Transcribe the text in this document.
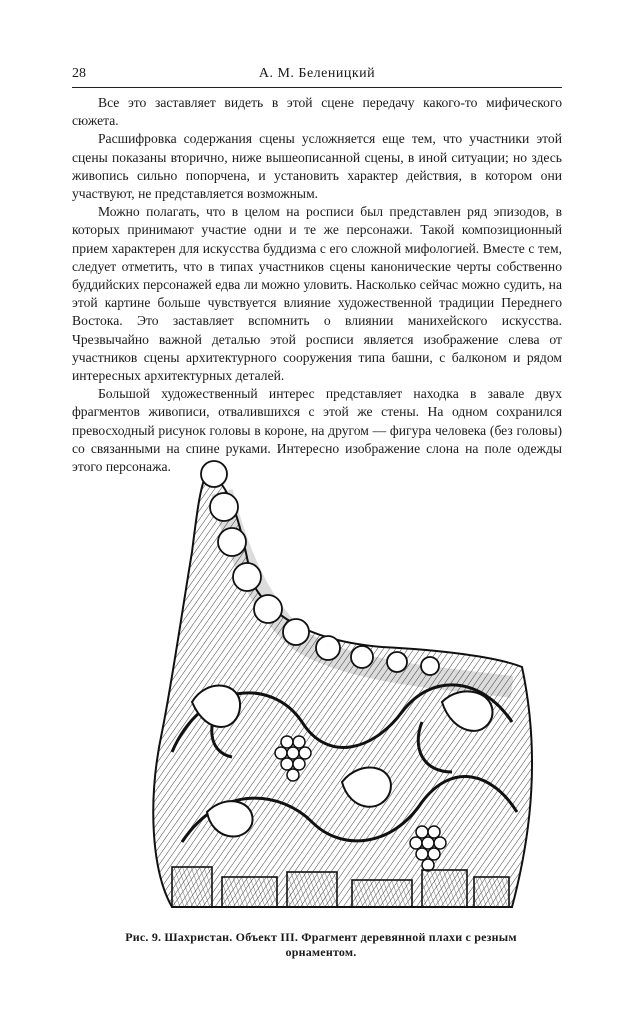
28	А. М. Беленицкий

Все это заставляет видеть в этой сцене передачу какого-то мифического сюжета.

Расшифровка содержания сцены усложняется еще тем, что участники этой сцены показаны вторично, ниже вышеописанной сцены, в иной ситуации; но здесь живопись сильно попорчена, и установить характер действия, в котором они участвуют, не представляется возможным.

Можно полагать, что в целом на росписи был представлен ряд эпизодов, в которых принимают участие одни и те же персонажи. Такой композиционный прием характерен для искусства буддизма с его сложной мифологией. Вместе с тем, следует отметить, что в типах участников сцены канонические черты собственно буддийских персонажей едва ли можно уловить. Насколько сейчас можно судить, на этой картине больше чувствуется влияние художественной традиции Переднего Востока. Это заставляет вспомнить о влиянии манихейского искусства. Чрезвычайно важной деталью этой росписи является изображение слева от участников сцены архитектурного сооружения типа башни, с балконом и рядом интересных архитектурных деталей.

Большой художественный интерес представляет находка в завале двух фрагментов живописи, отвалившихся с этой же стены. На одном сохранился превосходный рисунок головы в короне, на другом — фигура человека (без головы) со связанными на спине руками. Интересно изображение слона на поле одежды этого персонажа.

Рис. 9. Шахристан. Объект III. Фрагмент деревянной плахи с резным орнаментом.
